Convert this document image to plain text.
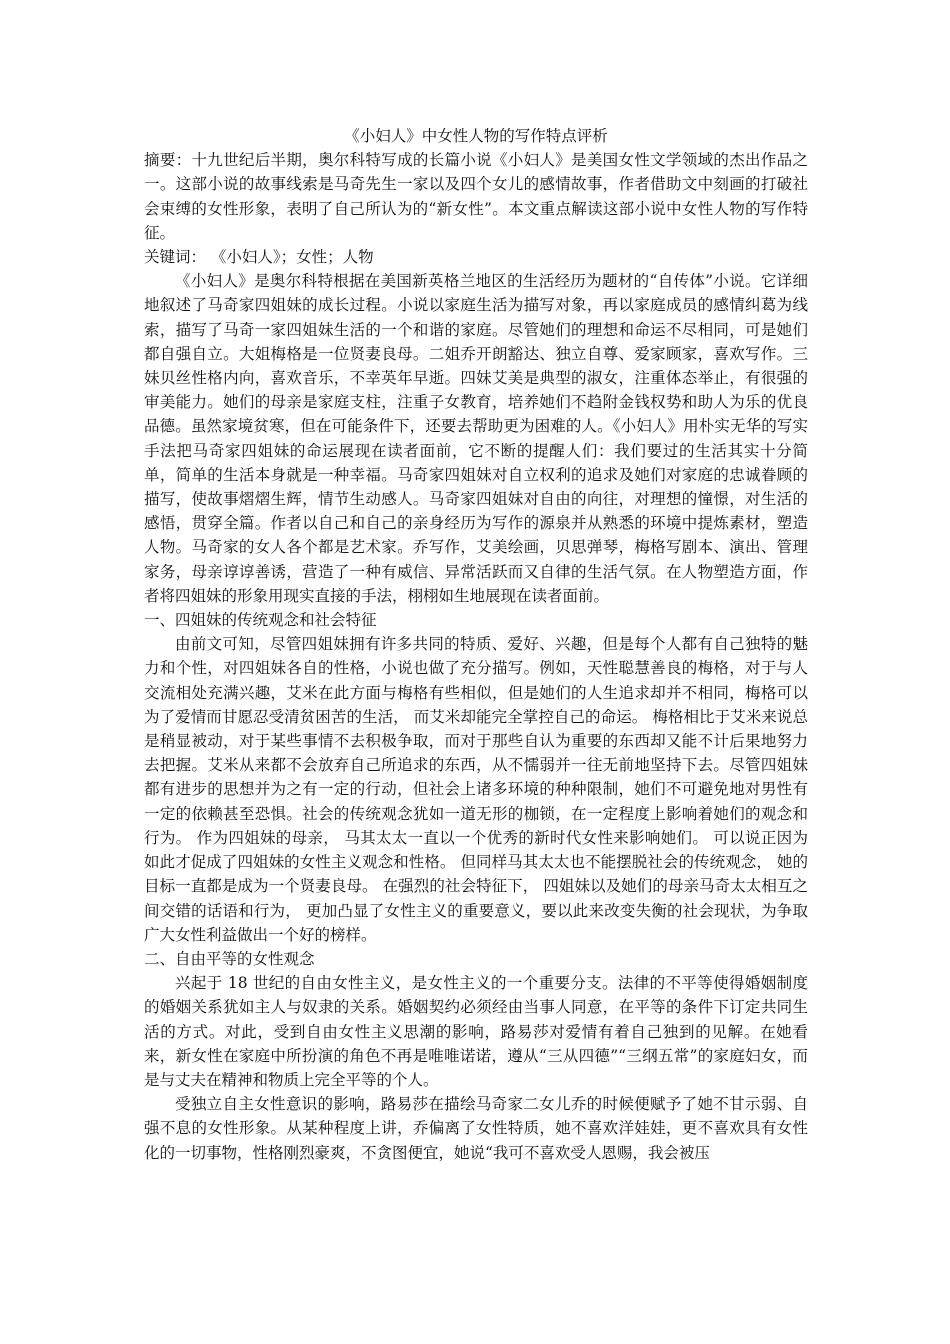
《小妇人》中女性人物的写作特点评析

摘要：十九世纪后半期，奥尔科特写成的长篇小说《小妇人》是美国女性文学领域的杰出作品之一。这部小说的故事线索是马奇先生一家以及四个女儿的感情故事，作者借助文中刻画的打破社会束缚的女性形象，表明了自己所认为的“新女性”。本文重点解读这部小说中女性人物的写作特征。

关键词： 《小妇人》；女性；人物

《小妇人》是奥尔科特根据在美国新英格兰地区的生活经历为题材的“自传体”小说。它详细地叙述了马奇家四姐妹的成长过程。小说以家庭生活为描写对象，再以家庭成员的感情纠葛为线索，描写了马奇一家四姐妹生活的一个和谐的家庭。尽管她们的理想和命运不尽相同，可是她们都自强自立。大姐梅格是一位贤妻良母。二姐乔开朗豁达、独立自尊、爱家顾家，喜欢写作。三妹贝丝性格内向，喜欢音乐，不幸英年早逝。四妹艾美是典型的淑女，注重体态举止，有很强的审美能力。她们的母亲是家庭支柱，注重子女教育，培养她们不趋附金钱权势和助人为乐的优良品德。虽然家境贫寒，但在可能条件下，还要去帮助更为困难的人。《小妇人》用朴实无华的写实手法把马奇家四姐妹的命运展现在读者面前，它不断的提醒人们：我们要过的生活其实十分简单，简单的生活本身就是一种幸福。马奇家四姐妹对自立权利的追求及她们对家庭的忠诚眷顾的描写，使故事熠熠生辉，情节生动感人。马奇家四姐妹对自由的向往，对理想的憧憬，对生活的感悟，贯穿全篇。作者以自己和自己的亲身经历为写作的源泉并从熟悉的环境中提炼素材，塑造人物。马奇家的女人各个都是艺术家。乔写作，艾美绘画，贝思弹琴，梅格写剧本、演出、管理家务，母亲谆谆善诱，营造了一种有威信、异常活跃而又自律的生活气氛。在人物塑造方面，作者将四姐妹的形象用现实直接的手法，栩栩如生地展现在读者面前。

一、四姐妹的传统观念和社会特征

由前文可知，尽管四姐妹拥有许多共同的特质、爱好、兴趣，但是每个人都有自己独特的魅力和个性，对四姐妹各自的性格，小说也做了充分描写。例如，天性聪慧善良的梅格，对于与人交流相处充满兴趣，艾米在此方面与梅格有些相似，但是她们的人生追求却并不相同，梅格可以为了爱情而甘愿忍受清贫困苦的生活， 而艾米却能完全掌控自己的命运。 梅格相比于艾米来说总是稍显被动，对于某些事情不去积极争取，而对于那些自认为重要的东西却又能不计后果地努力去把握。艾米从来都不会放弃自己所追求的东西，从不懦弱并一往无前地坚持下去。尽管四姐妹都有进步的思想并为之有一定的行动，但社会上诸多环境的种种限制，她们不可避免地对男性有一定的依赖甚至恐惧。社会的传统观念犹如一道无形的枷锁，在一定程度上影响着她们的观念和行为。 作为四姐妹的母亲， 马其太太一直以一个优秀的新时代女性来影响她们。 可以说正因为如此才促成了四姐妹的女性主义观念和性格。 但同样马其太太也不能摆脱社会的传统观念， 她的目标一直都是成为一个贤妻良母。 在强烈的社会特征下， 四姐妹以及她们的母亲马奇太太相互之间交错的话语和行为， 更加凸显了女性主义的重要意义，要以此来改变失衡的社会现状，为争取广大女性利益做出一个好的榜样。

二、自由平等的女性观念

兴起于 18 世纪的自由女性主义，是女性主义的一个重要分支。法律的不平等使得婚姻制度的婚姻关系犹如主人与奴隶的关系。婚姻契约必须经由当事人同意，在平等的条件下订定共同生活的方式。对此，受到自由女性主义思潮的影响，路易莎对爱情有着自己独到的见解。在她看来，新女性在家庭中所扮演的角色不再是唯唯诺诺，遵从“三从四德”“三纲五常”的家庭妇女，而是与丈夫在精神和物质上完全平等的个人。

受独立自主女性意识的影响，路易莎在描绘马奇家二女儿乔的时候便赋予了她不甘示弱、自强不息的女性形象。从某种程度上讲，乔偏离了女性特质，她不喜欢洋娃娃，更不喜欢具有女性化的一切事物，性格刚烈豪爽，不贪图便宜，她说“我可不喜欢受人恩赐，我会被压
